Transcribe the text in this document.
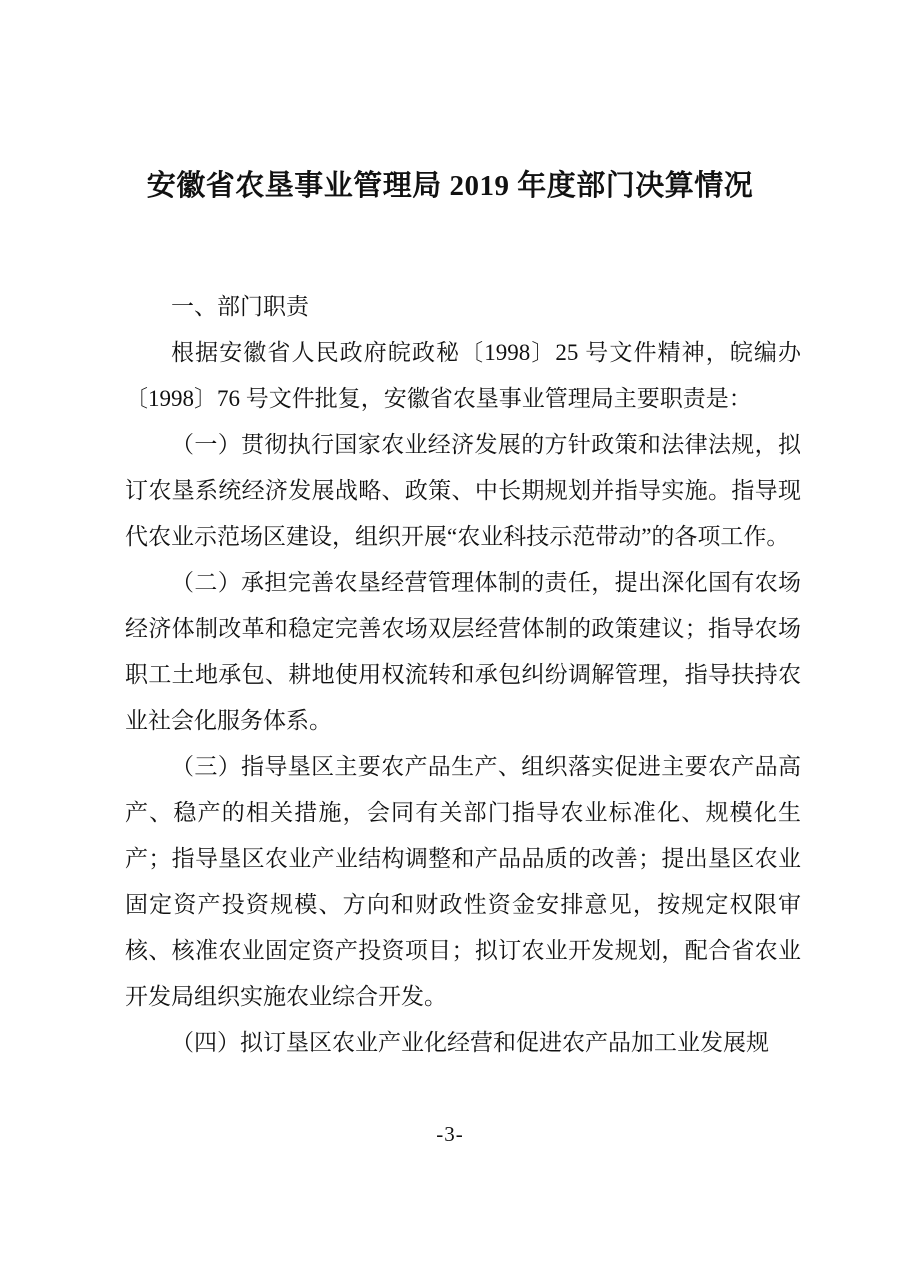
安徽省农垦事业管理局 2019 年度部门决算情况

一、部门职责

根据安徽省人民政府皖政秘〔1998〕25 号文件精神，皖编办〔1998〕76 号文件批复，安徽省农垦事业管理局主要职责是：

（一）贯彻执行国家农业经济发展的方针政策和法律法规，拟订农垦系统经济发展战略、政策、中长期规划并指导实施。指导现代农业示范场区建设，组织开展“农业科技示范带动”的各项工作。

（二）承担完善农垦经营管理体制的责任，提出深化国有农场经济体制改革和稳定完善农场双层经营体制的政策建议；指导农场职工土地承包、耕地使用权流转和承包纠纷调解管理，指导扶持农业社会化服务体系。

（三）指导垦区主要农产品生产、组织落实促进主要农产品高产、稳产的相关措施，会同有关部门指导农业标准化、规模化生产；指导垦区农业产业结构调整和产品品质的改善；提出垦区农业固定资产投资规模、方向和财政性资金安排意见，按规定权限审核、核准农业固定资产投资项目；拟订农业开发规划，配合省农业开发局组织实施农业综合开发。

（四）拟订垦区农业产业化经营和促进农产品加工业发展规

-3-
